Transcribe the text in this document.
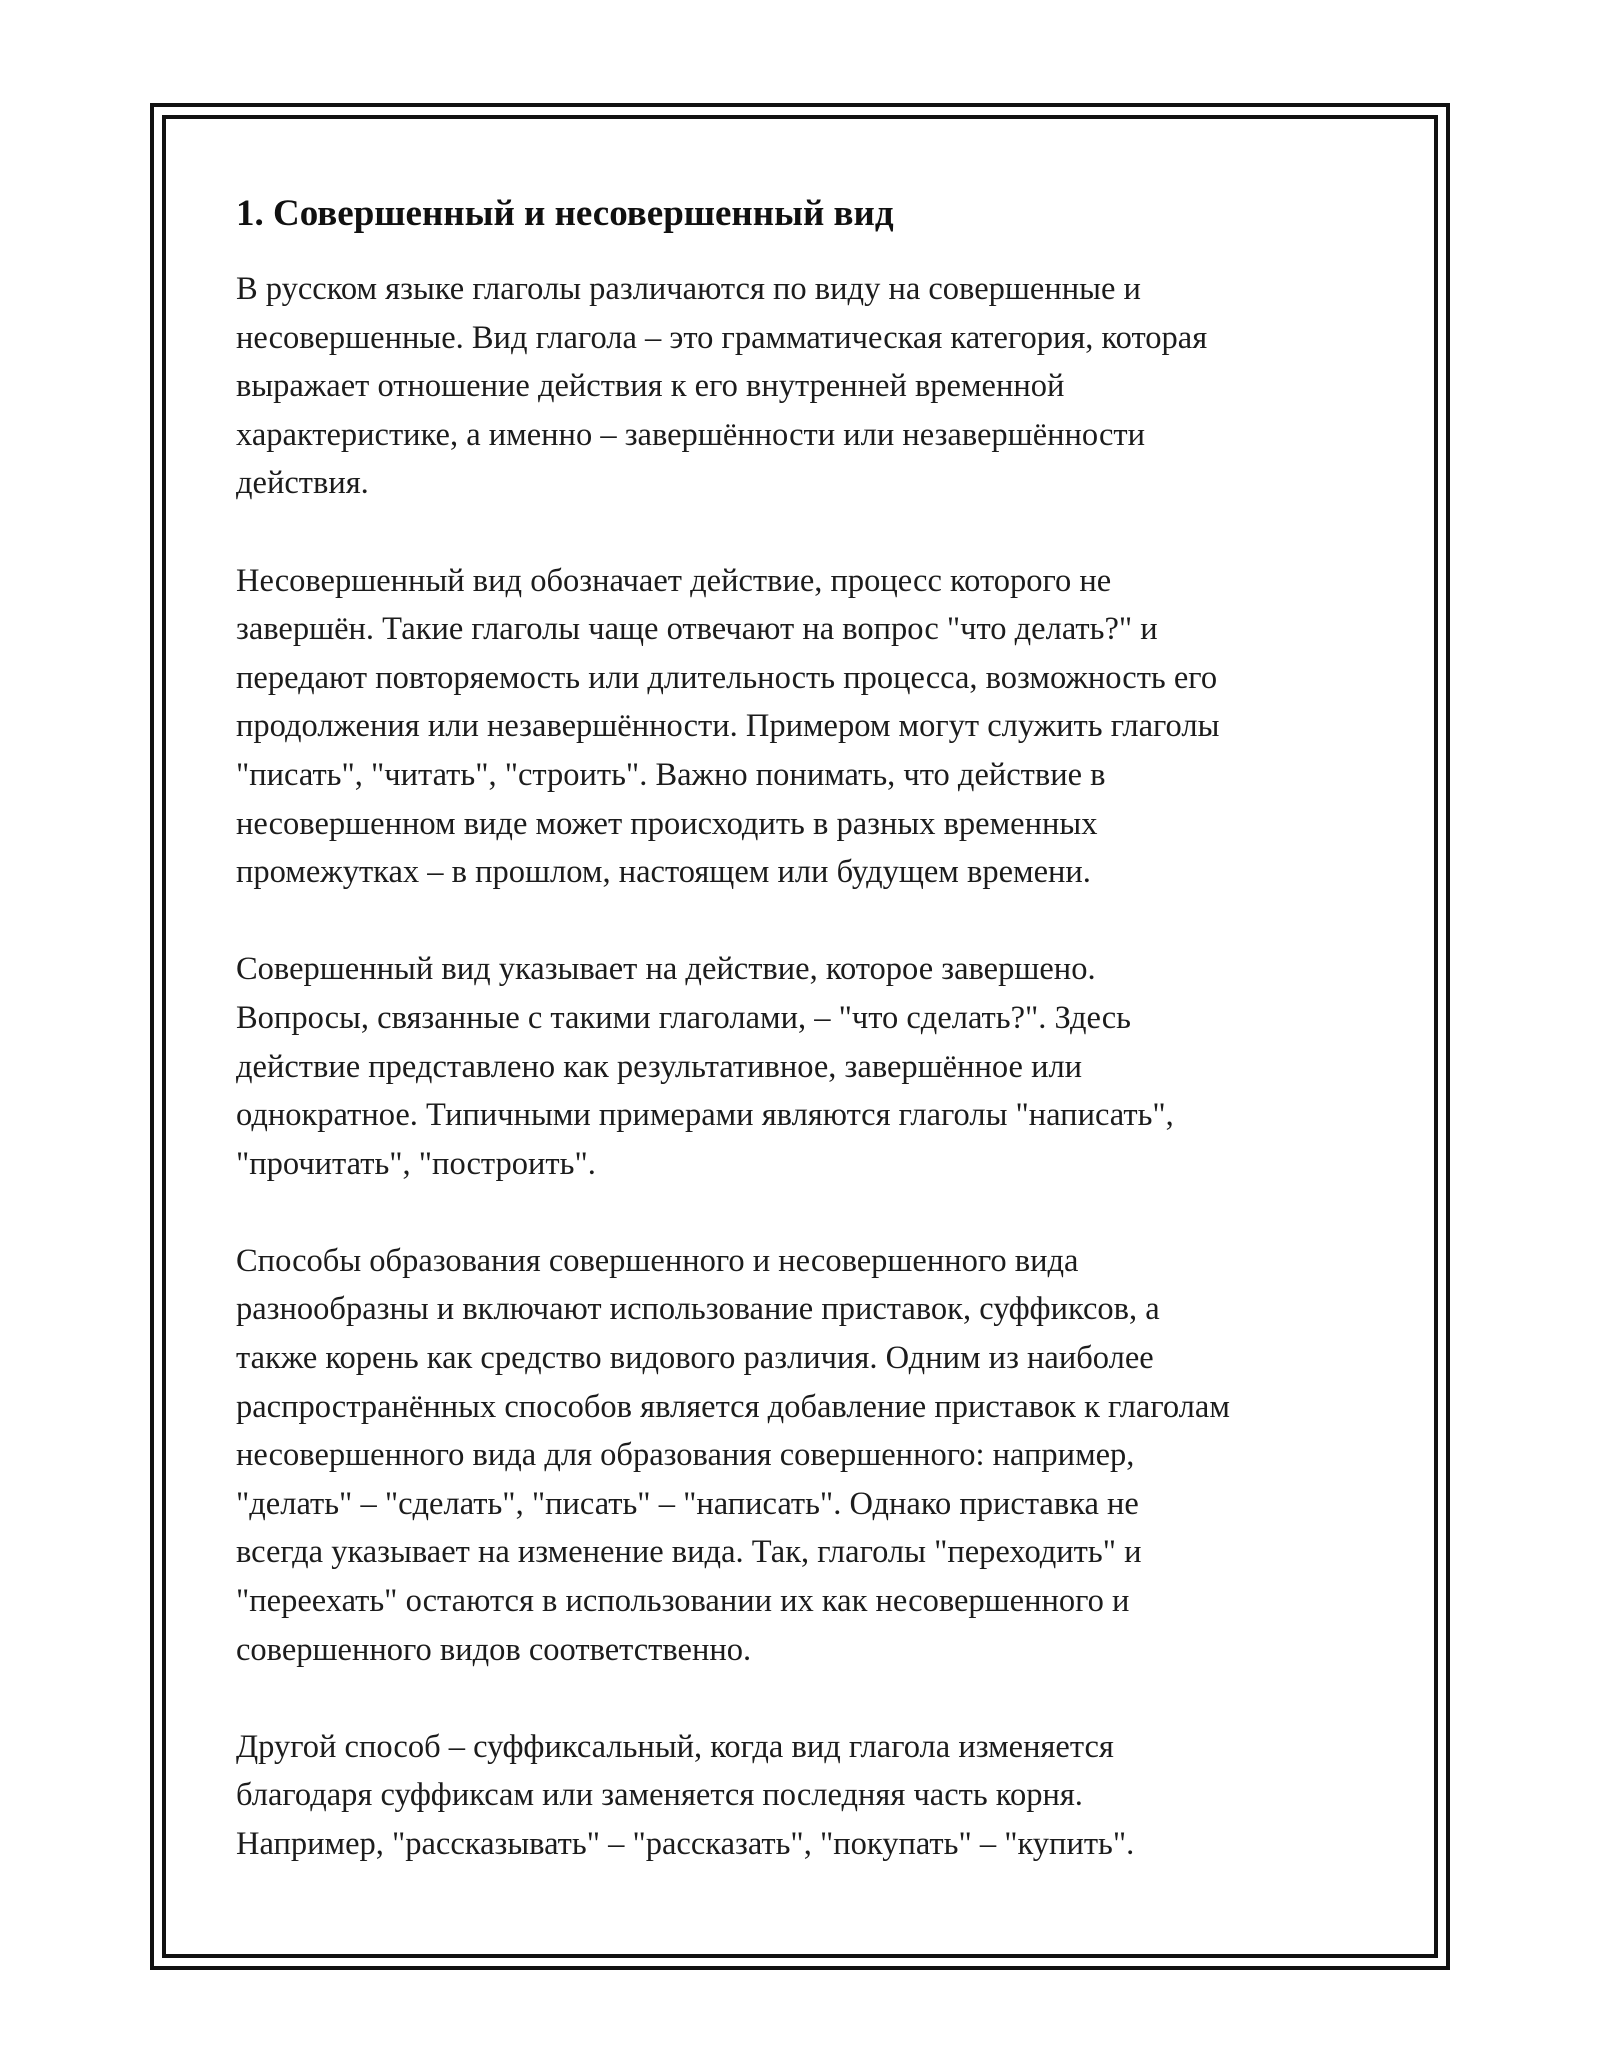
1. Совершенный и несовершенный вид

В русском языке глаголы различаются по виду на совершенные и
несовершенные. Вид глагола – это грамматическая категория, которая
выражает отношение действия к его внутренней временной
характеристике, а именно – завершённости или незавершённости
действия.

Несовершенный вид обозначает действие, процесс которого не
завершён. Такие глаголы чаще отвечают на вопрос "что делать?" и
передают повторяемость или длительность процесса, возможность его
продолжения или незавершённости. Примером могут служить глаголы
"писать", "читать", "строить". Важно понимать, что действие в
несовершенном виде может происходить в разных временных
промежутках – в прошлом, настоящем или будущем времени.

Совершенный вид указывает на действие, которое завершено.
Вопросы, связанные с такими глаголами, – "что сделать?". Здесь
действие представлено как результативное, завершённое или
однократное. Типичными примерами являются глаголы "написать",
"прочитать", "построить".

Способы образования совершенного и несовершенного вида
разнообразны и включают использование приставок, суффиксов, а
также корень как средство видового различия. Одним из наиболее
распространённых способов является добавление приставок к глаголам
несовершенного вида для образования совершенного: например,
"делать" – "сделать", "писать" – "написать". Однако приставка не
всегда указывает на изменение вида. Так, глаголы "переходить" и
"переехать" остаются в использовании их как несовершенного и
совершенного видов соответственно.

Другой способ – суффиксальный, когда вид глагола изменяется
благодаря суффиксам или заменяется последняя часть корня.
Например, "рассказывать" – "рассказать", "покупать" – "купить".
